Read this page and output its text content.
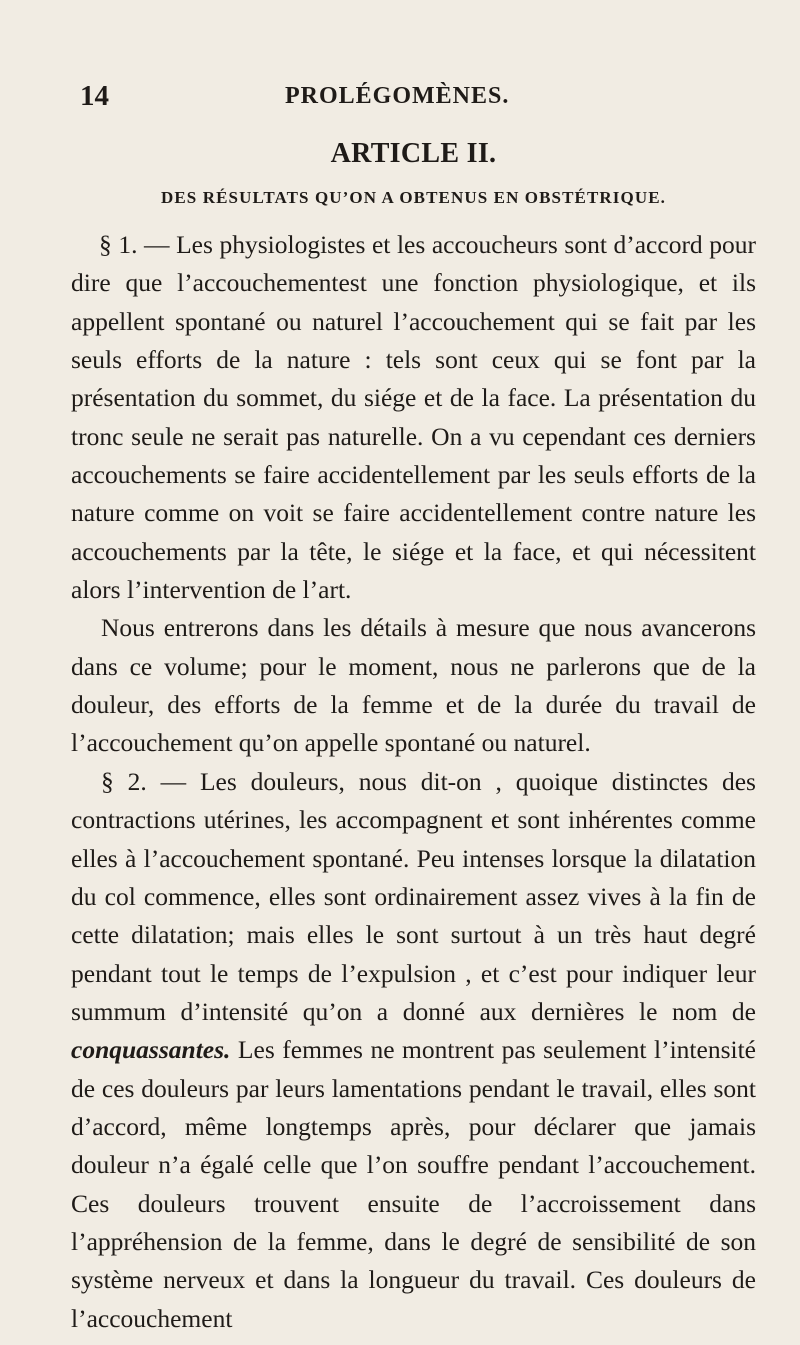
14	PROLÉGOMÈNES.
ARTICLE II.
DES RÉSULTATS QU’ON A OBTENUS EN OBSTÉTRIQUE.

§ 1. — Les physiologistes et les accoucheurs sont d’accord pour dire que l’accouchementest une fonction physiologique, et ils appellent spontané ou naturel l’accouchement qui se fait par les seuls efforts de la nature : tels sont ceux qui se font par la présentation du sommet, du siége et de la face. La présentation du tronc seule ne serait pas naturelle. On a vu cependant ces derniers accouchements se faire accidentellement par les seuls efforts de la nature comme on voit se faire accidentellement contre nature les accouchements par la tête, le siége et la face, et qui nécessitent alors l’intervention de l’art.

Nous entrerons dans les détails à mesure que nous avancerons dans ce volume; pour le moment, nous ne parlerons que de la douleur, des efforts de la femme et de la durée du travail de l’accouchement qu’on appelle spontané ou naturel.

§ 2. — Les douleurs, nous dit-on , quoique distinctes des contractions utérines, les accompagnent et sont inhérentes comme elles à l’accouchement spontané. Peu intenses lorsque la dilatation du col commence, elles sont ordinairement assez vives à la fin de cette dilatation; mais elles le sont surtout à un très haut degré pendant tout le temps de l’expulsion , et c’est pour indiquer leur summum d’intensité qu’on a donné aux dernières le nom de conquassantes. Les femmes ne montrent pas seulement l’intensité de ces douleurs par leurs lamentations pendant le travail, elles sont d’accord, même longtemps après, pour déclarer que jamais douleur n’a égalé celle que l’on souffre pendant l’accouchement. Ces douleurs trouvent ensuite de l’accroissement dans l’appréhension de la femme, dans le degré de sensibilité de son système nerveux et dans la longueur du travail. Ces douleurs de l’accouchement
